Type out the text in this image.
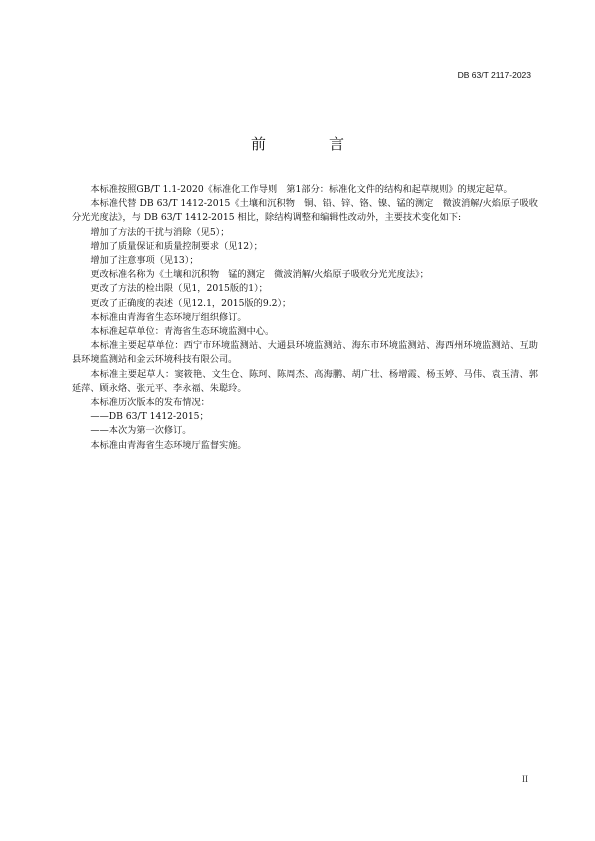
DB 63/T 2117-2023
前　言

本标准按照GB/T 1.1-2020《标准化工作导则　第1部分：标准化文件的结构和起草规则》的规定起草。

本标准代替 DB 63/T 1412-2015《土壤和沉积物　铜、铅、锌、铬、镍、锰的测定　微波消解/火焰原子吸收分光光度法》，与 DB 63/T 1412-2015 相比，除结构调整和编辑性改动外，主要技术变化如下:

增加了方法的干扰与消除（见5）；

增加了质量保证和质量控制要求（见12）；

增加了注意事项（见13）；

更改标准名称为《土壤和沉积物　锰的测定　微波消解/火焰原子吸收分光光度法》；

更改了方法的检出限（见1，2015版的1）；

更改了正确度的表述（见12.1，2015版的9.2）；

本标准由青海省生态环境厅组织修订。

本标准起草单位：青海省生态环境监测中心。

本标准主要起草单位：西宁市环境监测站、大通县环境监测站、海东市环境监测站、海西州环境监测站、互助县环境监测站和金云环境科技有限公司。

本标准主要起草人：窦筱艳、文生仓、陈珂、陈周杰、高海鹏、胡广壮、杨增霞、杨玉婷、马伟、袁玉清、郭延萍、顾永烙、张元平、李永福、朱聪玲。

本标准历次版本的发布情况：

——DB 63/T 1412-2015；

——本次为第一次修订。

本标准由青海省生态环境厅监督实施。

II
